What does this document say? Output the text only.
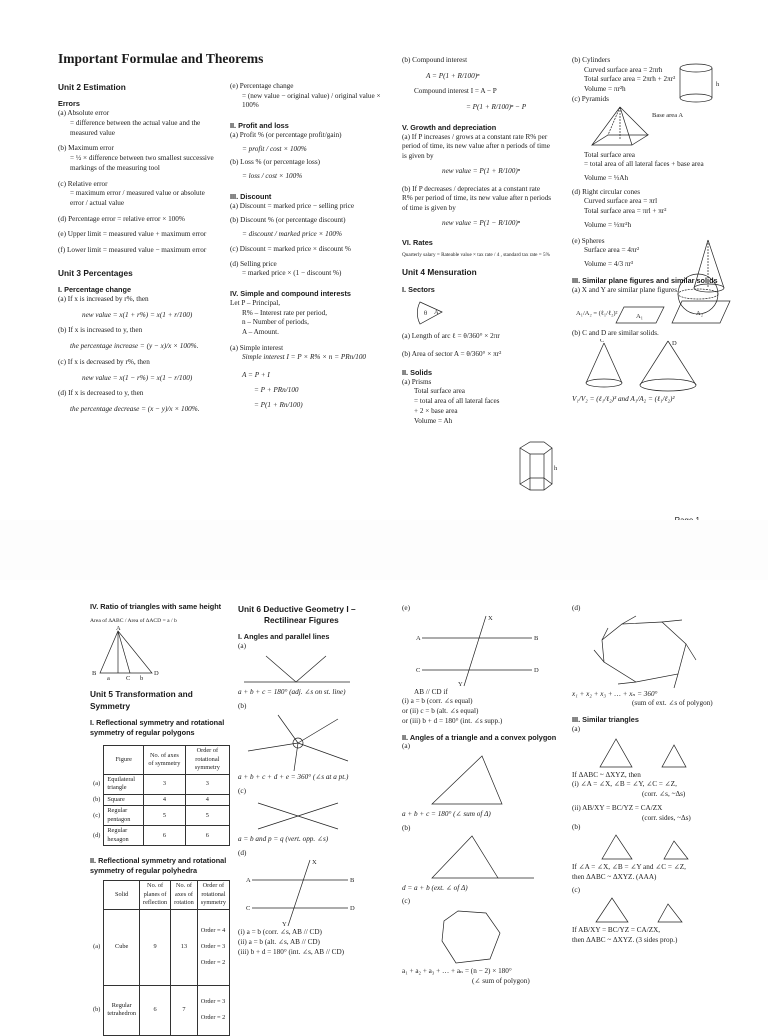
Important Formulae and Theorems
Unit 2 Estimation
Errors
(a) Absolute error
= difference between the actual value and the
measured value
(b) Maximum error
= ½ × difference between two smallest successive markings of the measuring tool
(c) Relative error
= maximum error / measured value or absolute error / actual value
(d) Percentage error = relative error × 100%
(e) Upper limit = measured value + maximum error
(f) Lower limit = measured value − maximum error
Unit 3 Percentages
I. Percentage change
(a) If x is increased by r%, then
new value = x(1 + r%) = x(1 + r/100)
(b) If x is increased to y, then
the percentage increase = (y − x)/x × 100%.
(c) If x is decreased by r%, then
new value = x(1 − r%) = x(1 − r/100)
(d) If x is decreased to y, then
the percentage decrease = (x − y)/x × 100%.
(e) Percentage change
= (new value − original value) / original value × 100%
II. Profit and loss
(a) Profit % (or percentage profit/gain)
= profit / cost × 100%
(b) Loss % (or percentage loss)
= loss / cost × 100%
III. Discount
(a) Discount = marked price − selling price
(b) Discount % (or percentage discount)
= discount / marked price × 100%
(c) Discount = marked price × discount %
(d) Selling price
= marked price × (1 − discount %)
IV. Simple and compound interests
Let P – Principal,
R% – Interest rate per period,
n – Number of periods,
A – Amount.
(a) Simple interest
Simple interest I = P × R% × n = PRn/100
A = P + I
= P + PRn/100
= P(1 + Rn/100)
(b) Compound interest
A = P(1 + R/100)ⁿ
Compound interest I = A − P
= P(1 + R/100)ⁿ − P
V. Growth and depreciation
(a) If P increases / grows at a constant rate R% per period of time, its new value after n periods of time is given by
new value = P(1 + R/100)ⁿ
(b) If P decreases / depreciates at a constant rate R% per period of time, its new value after n periods of time is given by
new value = P(1 − R/100)ⁿ
VI. Rates
Quarterly salary = Rateable value × tax rate / 4 , standard tax rate = 5%
Unit 4 Mensuration
I. Sectors
A
θ
(a) Length of arc ℓ = θ/360° × 2πr
(b) Area of sector A = θ/360° × πr²
II. Solids
(a) Prisms
Total surface area
= total area of all lateral faces
+ 2 × base area
Volume = Ah
h
(b) Cylinders
Curved surface area = 2πrh
Total surface area = 2πrh + 2πr²
Volume = πr²h
(c) Pyramids
Base area A
Total surface area
= total area of all lateral faces + base area
Volume = ⅓Ah
(d) Right circular cones
Curved surface area = πrl
Total surface area = πrl + πr²
Volume = ⅓πr²h
(e) Spheres
Surface area = 4πr²
Volume = 4/3 πr³
III. Similar plane figures and similar solids
(a) X and Y are similar plane figures.
A₁/A₂ = (ℓ₁/ℓ₂)²	A₁	A₂
(b) C and D are similar solids.
C	D
V₁/V₂ = (ℓ₁/ℓ₂)³ and A₁/A₂ = (ℓ₁/ℓ₂)²
h
IV. Ratio of triangles with same height
Area of ΔABC / Area of ΔACD = a / b
A
B	D
a C b
Unit 5 Transformation and Symmetry
I. Reflectional symmetry and rotational symmetry of regular polygons
	Figure	No. of axes of symmetry	Order of rotational symmetry
(a)	Equilateral triangle	3	3
(b)	Square	4	4
(c)	Regular pentagon	5	5
(d)	Regular hexagon	6	6
II. Reflectional symmetry and rotational symmetry of regular polyhedra
	Solid	No. of planes of reflection	No. of axes of rotation	Order of rotational symmetry
(a)	Cube	9	13	Order = 4
Order = 3
Order = 2

(b)	Regular tetrahedron	6	7	Order = 3
Order = 2
Unit 6 Deductive Geometry I –
Rectilinear Figures
I. Angles and parallel lines
(a)
a + b + c = 180° (adj. ∠s on st. line)
(b)
a + b + c + d + e = 360° (∠s at a pt.)
(c)
a = b and p = q (vert. opp. ∠s)
(d)
A	B
C	D
X
Y
(i) a = b (corr. ∠s, AB // CD)
(ii) a = b (alt. ∠s, AB // CD)
(iii) b + d = 180° (int. ∠s, AB // CD)
(e)
A	B
C	D
X
Y
AB // CD if
(i) a = b (corr. ∠s equal)
or (ii) c = b (alt. ∠s equal)
or (iii) b + d = 180° (int. ∠s supp.)
II. Angles of a triangle and a convex polygon
(a)
a + b + c = 180° (∠ sum of Δ)
(b)
d = a + b (ext. ∠ of Δ)
(c)
a₁ + a₂ + a₃ + … + aₙ = (n − 2) × 180°
(∠ sum of polygon)
(d)
x₁ + x₂ + x₃ + … + xₙ = 360°
(sum of ext. ∠s of polygon)
III. Similar triangles
(a)
If ΔABC ~ ΔXYZ, then
(i) ∠A = ∠X, ∠B = ∠Y, ∠C = ∠Z,
(corr. ∠s, ~Δs)
(ii) AB/XY = BC/YZ = CA/ZX
(corr. sides, ~Δs)
(b)
If ∠A = ∠X, ∠B = ∠Y and ∠C = ∠Z,
then ΔABC ~ ΔXYZ. (AAA)
(c)
If AB/XY = BC/YZ = CA/ZX,
then ΔABC ~ ΔXYZ. (3 sides prop.)
